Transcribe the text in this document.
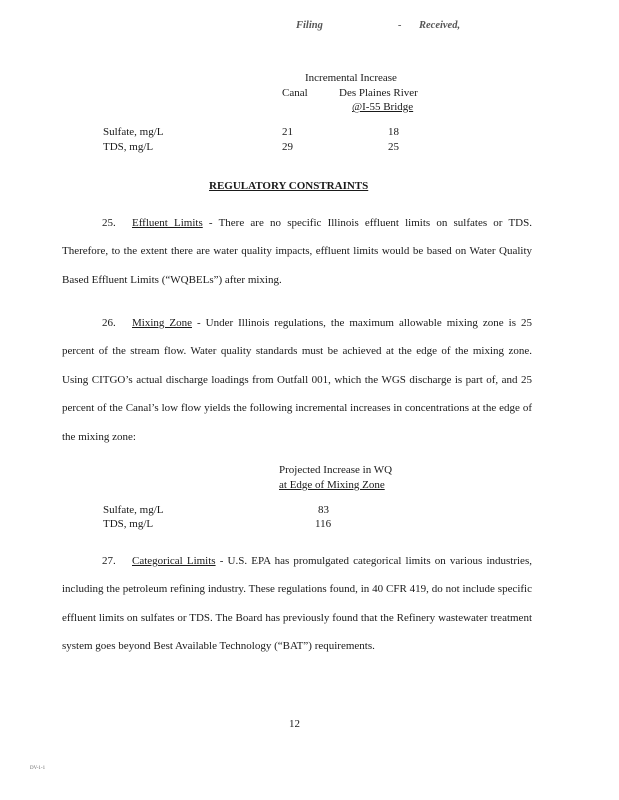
Filing	- Received,
Incremental Increase
Canal	Des Plaines River
@I-55 Bridge
Sulfate, mg/L	21	18
TDS, mg/L	29	25
REGULATORY CONSTRAINTS
25. Effluent Limits - There are no specific Illinois effluent limits on sulfates or TDS. Therefore, to the extent there are water quality impacts, effluent limits would be based on Water Quality Based Effluent Limits (“WQBELs”) after mixing.
26. Mixing Zone - Under Illinois regulations, the maximum allowable mixing zone is 25 percent of the stream flow. Water quality standards must be achieved at the edge of the mixing zone. Using CITGO’s actual discharge loadings from Outfall 001, which the WGS discharge is part of, and 25 percent of the Canal’s low flow yields the following incremental increases in concentrations at the edge of the mixing zone:
Projected Increase in WQ
at Edge of Mixing Zone
Sulfate, mg/L	83
TDS, mg/L	116
27. Categorical Limits - U.S. EPA has promulgated categorical limits on various industries, including the petroleum refining industry. These regulations found, in 40 CFR 419, do not include specific effluent limits on sulfates or TDS. The Board has previously found that the Refinery wastewater treatment system goes beyond Best Available Technology (“BAT”) requirements.
12
DV-1-1
